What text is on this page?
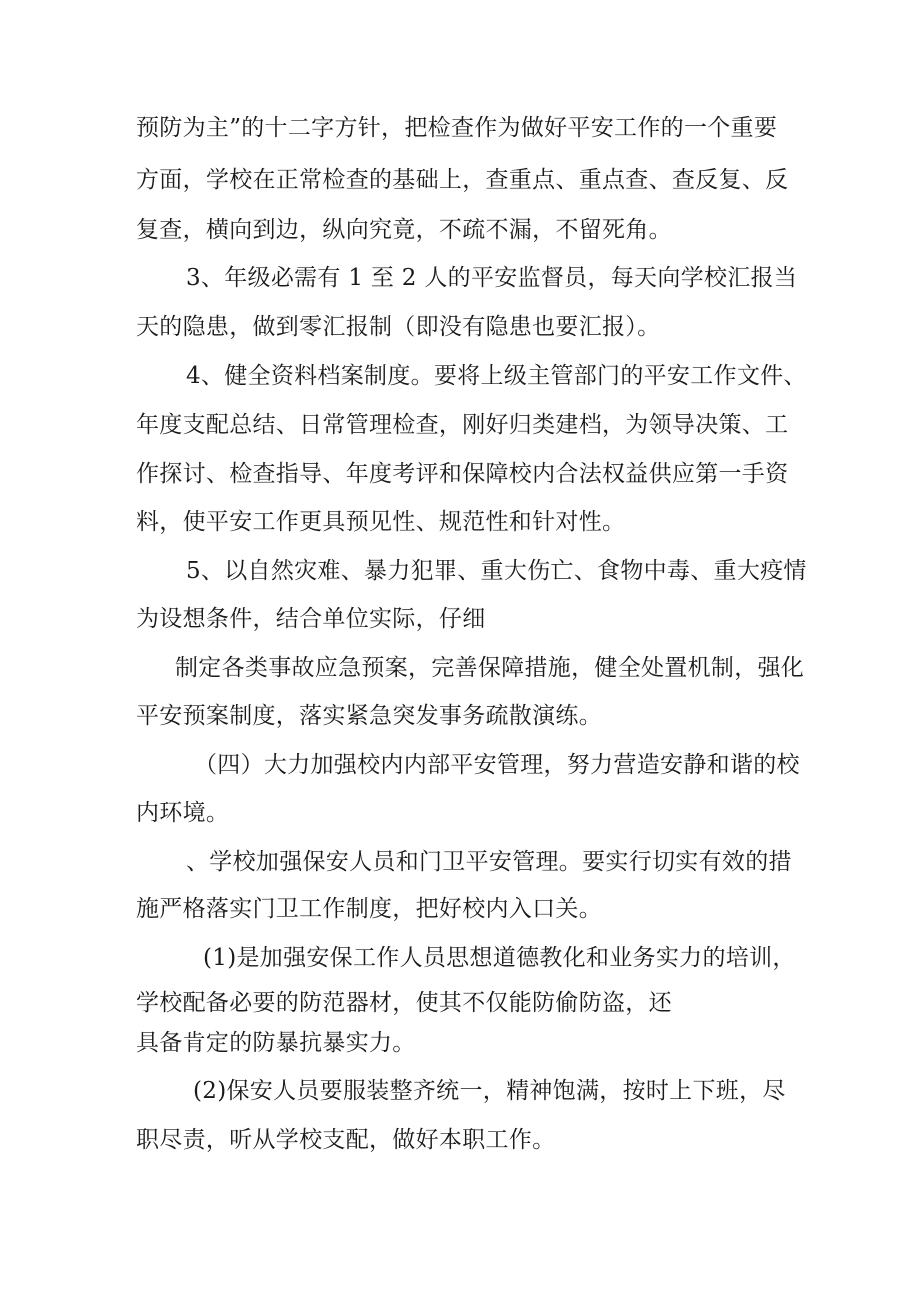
预防为主”的十二字方针，把检查作为做好平安工作的一个重要
方面，学校在正常检查的基础上，查重点、重点查、查反复、反
复查，横向到边，纵向究竟，不疏不漏，不留死角。
3、年级必需有 1 至 2 人的平安监督员，每天向学校汇报当
天的隐患，做到零汇报制（即没有隐患也要汇报）。
4、健全资料档案制度。要将上级主管部门的平安工作文件、
年度支配总结、日常管理检查，刚好归类建档，为领导决策、工
作探讨、检查指导、年度考评和保障校内合法权益供应第一手资
料，使平安工作更具预见性、规范性和针对性。
5、以自然灾难、暴力犯罪、重大伤亡、食物中毒、重大疫情
为设想条件，结合单位实际，仔细
制定各类事故应急预案，完善保障措施，健全处置机制，强化
平安预案制度，落实紧急突发事务疏散演练。
（四）大力加强校内内部平安管理，努力营造安静和谐的校
内环境。
、学校加强保安人员和门卫平安管理。要实行切实有效的措
施严格落实门卫工作制度，把好校内入口关。
(1)是加强安保工作人员思想道德教化和业务实力的培训，
学校配备必要的防范器材，使其不仅能防偷防盗，还
具备肯定的防暴抗暴实力。
(2)保安人员要服装整齐统一，精神饱满，按时上下班，尽
职尽责，听从学校支配，做好本职工作。
